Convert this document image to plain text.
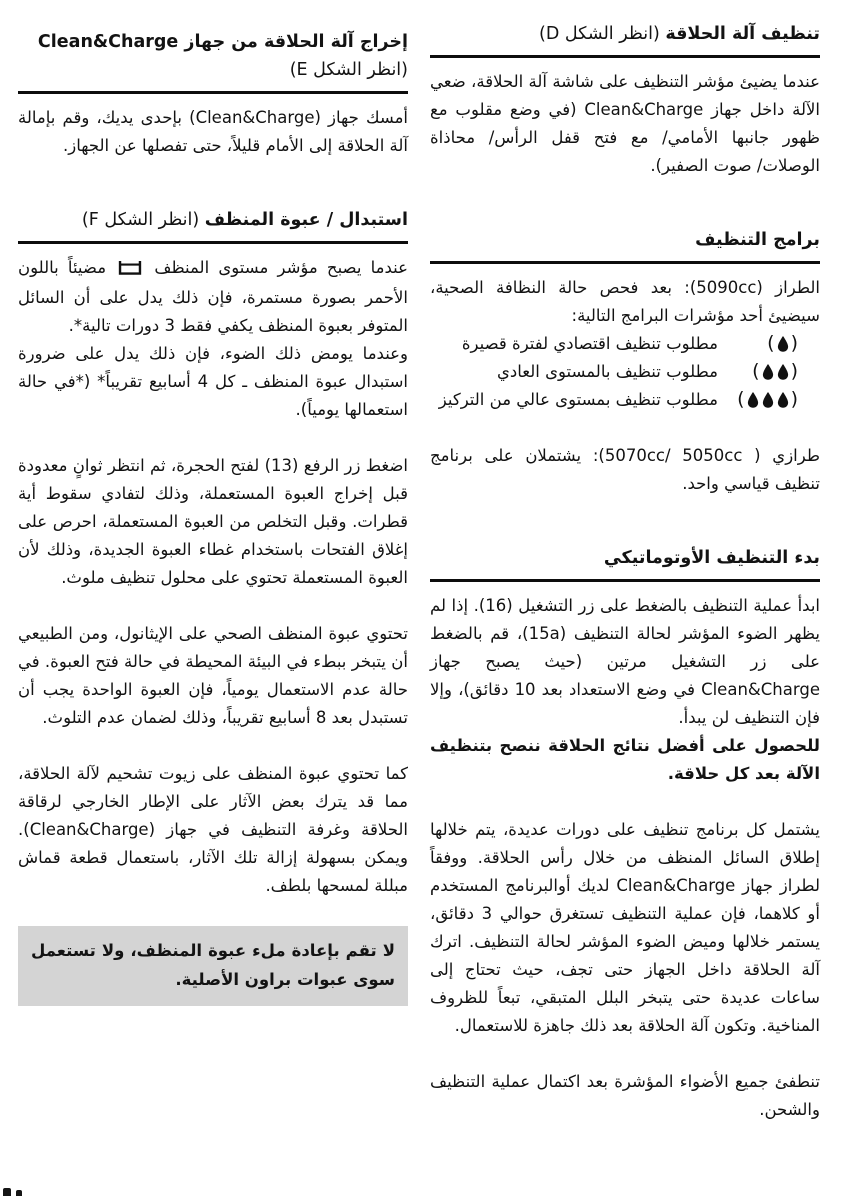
تنظيف آلة الحلاقة (انظر الشكل D)

عندما يضيئ مؤشر التنظيف على شاشة آلة الحلاقة، ضعي الآلة داخل جهاز Clean&Charge (في وضع مقلوب مع ظهور جانبها الأمامي/ مع فتح قفل الرأس/ محاذاة الوصلات/ صوت الصفير).

برامج التنظيف

الطراز (5090cc): بعد فحص حالة النظافة الصحية، سيضيئ أحد مؤشرات البرامج التالية:

( )
مطلوب تنظيف اقتصادي لفترة قصيرة
( )
مطلوب تنظيف بالمستوى العادي
( )
مطلوب تنظيف بمستوى عالي من التركيز

طرازي ( ⁦5070cc/ 5050cc⁩): يشتملان على برنامج تنظيف قياسي واحد.

بدء التنظيف الأوتوماتيكي

ابدأ عملية التنظيف بالضغط على زر التشغيل (16). إذا لم يظهر الضوء المؤشر لحالة التنظيف (15a)، قم بالضغط على زر التشغيل مرتين (حيث يصبح جهاز Clean&Charge في وضع الاستعداد بعد 10 دقائق)، وإلا فإن التنظيف لن يبدأ.

للحصول على أفضل نتائج الحلاقة ننصح بتنظيف الآلة بعد كل حلاقة.

يشتمل كل برنامج تنظيف على دورات عديدة، يتم خلالها إطلاق السائل المنظف من خلال رأس الحلاقة. ووفقاً لطراز جهاز Clean&Charge لديك أوالبرنامج المستخدم أو كلاهما، فإن عملية التنظيف تستغرق حوالي 3 دقائق، يستمر خلالها وميض الضوء المؤشر لحالة التنظيف. اترك آلة الحلاقة داخل الجهاز حتى تجف، حيث تحتاج إلى ساعات عديدة حتى يتبخر البلل المتبقي، تبعاً للظروف المناخية. وتكون آلة الحلاقة بعد ذلك جاهزة للاستعمال.

تنطفئ جميع الأضواء المؤشرة بعد اكتمال عملية التنظيف والشحن.

إخراج آلة الحلاقة من جهاز Clean&Charge (انظر الشكل E)

أمسك جهاز (Clean&Charge) بإحدى يديك، وقم بإمالة آلة الحلاقة إلى الأمام قليلاً، حتى تفصلها عن الجهاز.

استبدال / عبوة المنظف (انظر الشكل F)

عندما يصبح مؤشر مستوى المنظف  مضيئاً باللون الأحمر بصورة مستمرة، فإن ذلك يدل على أن السائل المتوفر بعبوة المنظف يكفي فقط 3 دورات تالية*.

وعندما يومض ذلك الضوء، فإن ذلك يدل على ضرورة استبدال عبوة المنظف ـ كل 4 أسابيع تقريباً* (*في حالة استعمالها يومياً).

اضغط زر الرفع (13) لفتح الحجرة، ثم انتظر ثوانٍ معدودة قبل إخراج العبوة المستعملة، وذلك لتفادي سقوط أية قطرات. وقبل التخلص من العبوة المستعملة، احرص على إغلاق الفتحات باستخدام غطاء العبوة الجديدة، وذلك لأن العبوة المستعملة تحتوي على محلول تنظيف ملوث.

تحتوي عبوة المنظف الصحي على الإيثانول، ومن الطبيعي أن يتبخر ببطء في البيئة المحيطة في حالة فتح العبوة. في حالة عدم الاستعمال يومياً، فإن العبوة الواحدة يجب أن تستبدل بعد 8 أسابيع تقريباً، وذلك لضمان عدم التلوث.

كما تحتوي عبوة المنظف على زيوت تشحيم لآلة الحلاقة، مما قد يترك بعض الآثار على الإطار الخارجي لرقاقة الحلاقة وغرفة التنظيف في جهاز (Clean&Charge). ويمكن بسهولة إزالة تلك الآثار، باستعمال قطعة قماش مبللة لمسحها بلطف.

لا تقم بإعادة ملء عبوة المنظف، ولا تستعمل سوى عبوات براون الأصلية.
